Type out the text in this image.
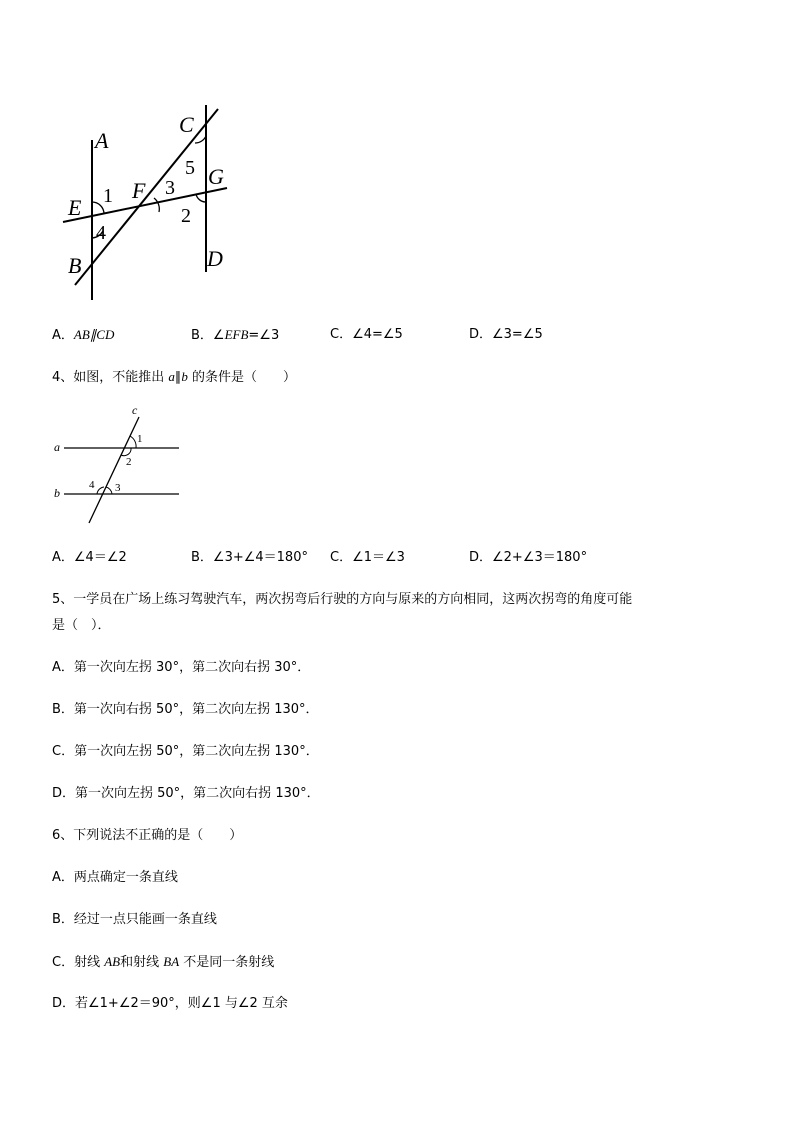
A
C
E
F
G
B	D
1	3
5
2
4
A．AB∥CD	B．∠EFB=∠3	C．∠4=∠5	D．∠3=∠5
4、如图，不能推出 a∥b 的条件是（　　）
c
a
b
1
2
3
4
A．∠4＝∠2	B．∠3+∠4＝180° C．∠1＝∠3	D．∠2+∠3＝180°
5、一学员在广场上练习驾驶汽车，两次拐弯后行驶的方向与原来的方向相同，这两次拐弯的角度可能
是（　）．
A．第一次向左拐 30°，第二次向右拐 30°．
B．第一次向右拐 50°，第二次向左拐 130°．
C．第一次向左拐 50°，第二次向左拐 130°．
D．第一次向左拐 50°，第二次向右拐 130°．
6、下列说法不正确的是（　　）
A．两点确定一条直线
B．经过一点只能画一条直线
C．射线 AB和射线 BA 不是同一条射线
D．若∠1+∠2＝90°，则∠1 与∠2 互余
